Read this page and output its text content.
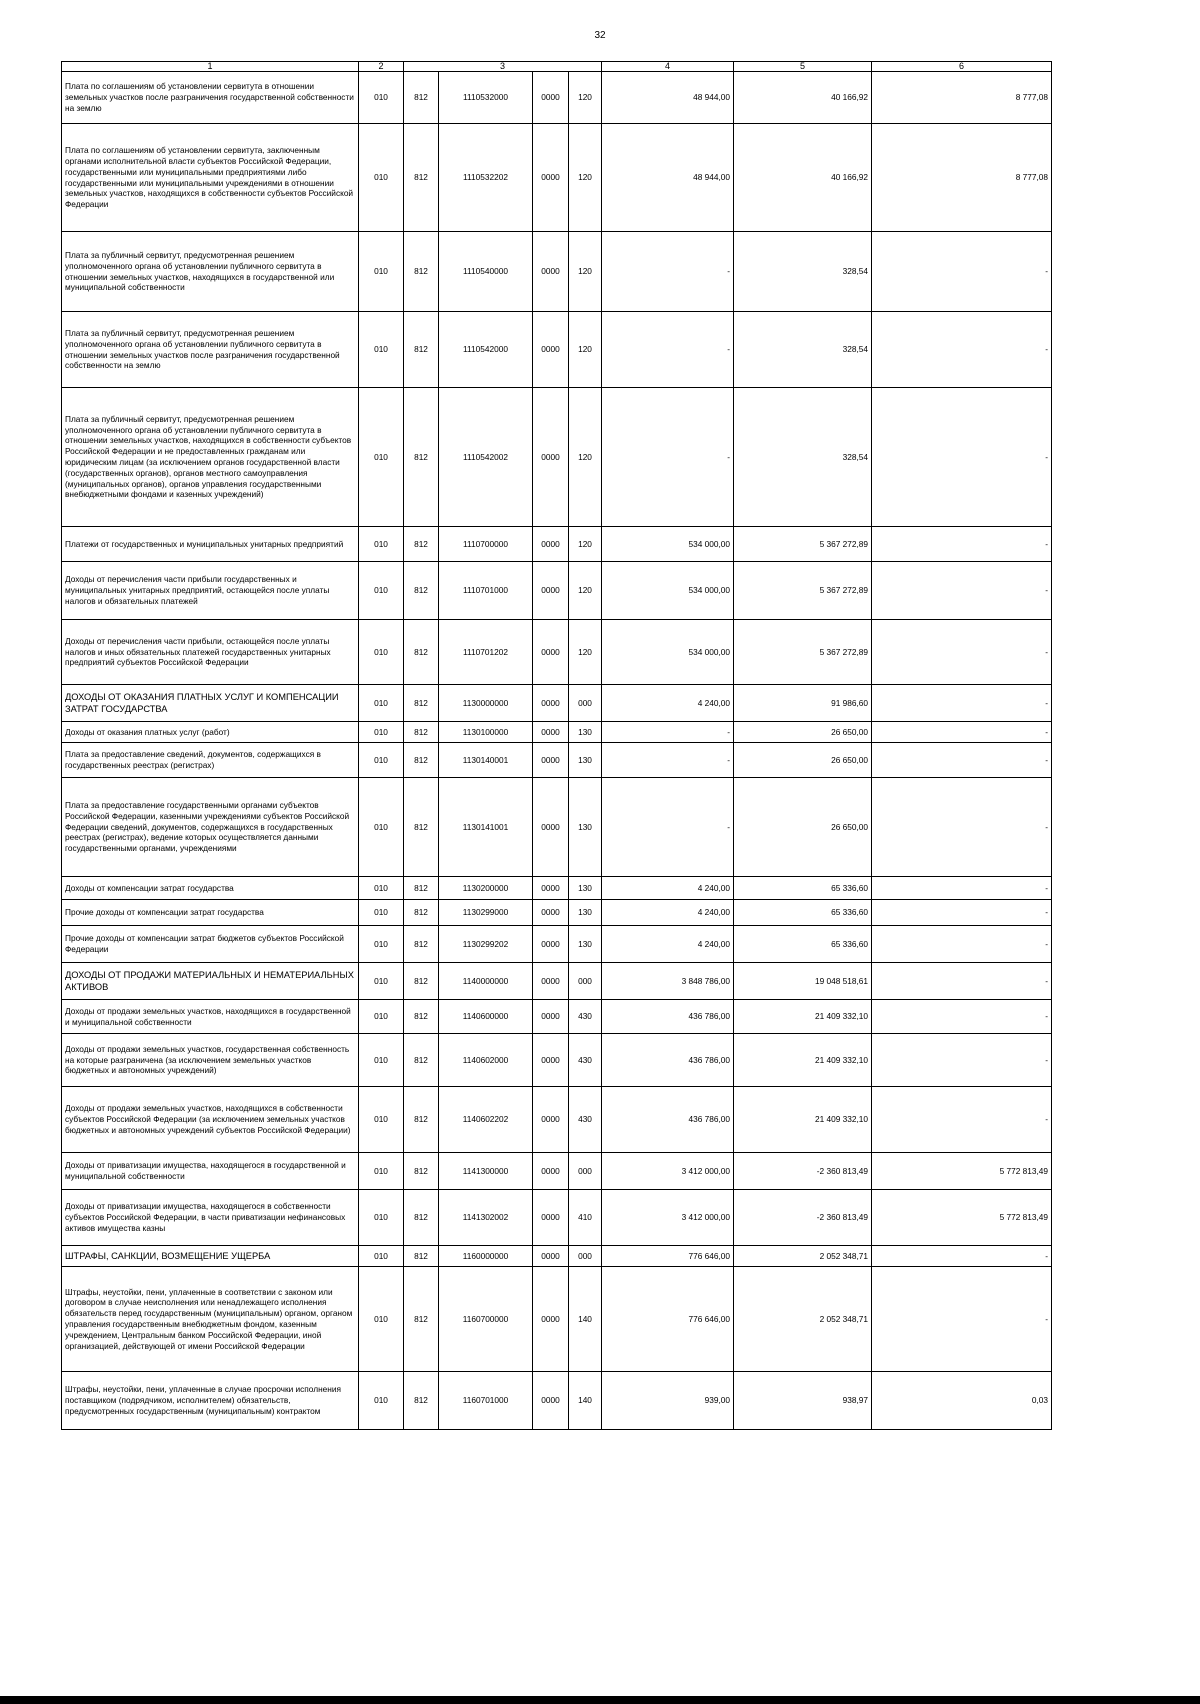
32
1	2	3				4	5	6
Плата по соглашениям об установлении сервитута в отношении земельных участков после разграничения государственной собственности на землю	010	812	1110532000	0000	120	48 944,00	40 166,92	8 777,08
Плата по соглашениям об установлении сервитута, заключенным органами исполнительной власти субъектов Российской Федерации, государственными или муниципальными предприятиями либо государственными или муниципальными учреждениями в отношении земельных участков, находящихся в собственности субъектов Российской Федерации	010	812	1110532202	0000	120	48 944,00	40 166,92	8 777,08
Плата за публичный сервитут, предусмотренная решением уполномоченного органа об установлении публичного сервитута в отношении земельных участков, находящихся в государственной или муниципальной собственности	010	812	1110540000	0000	120	-	328,54	-
Плата за публичный сервитут, предусмотренная решением уполномоченного органа об установлении публичного сервитута в отношении земельных участков после разграничения государственной собственности на землю	010	812	1110542000	0000	120	-	328,54	-
Плата за публичный сервитут, предусмотренная решением уполномоченного органа об установлении публичного сервитута в отношении земельных участков, находящихся в собственности субъектов Российской Федерации и не предоставленных гражданам или юридическим лицам (за исключением органов государственной власти (государственных органов), органов местного самоуправления (муниципальных органов), органов управления государственными внебюджетными фондами и казенных учреждений)	010	812	1110542002	0000	120	-	328,54	-
Платежи от государственных и муниципальных унитарных предприятий	010	812	1110700000	0000	120	534 000,00	5 367 272,89	-
Доходы от перечисления части прибыли государственных и муниципальных унитарных предприятий, остающейся после уплаты налогов и обязательных платежей	010	812	1110701000	0000	120	534 000,00	5 367 272,89	-
Доходы от перечисления части прибыли, остающейся после уплаты налогов и иных обязательных платежей государственных унитарных предприятий субъектов Российской Федерации	010	812	1110701202	0000	120	534 000,00	5 367 272,89	-
ДОХОДЫ ОТ ОКАЗАНИЯ ПЛАТНЫХ УСЛУГ И КОМПЕНСАЦИИ ЗАТРАТ ГОСУДАРСТВА	010	812	1130000000	0000	000	4 240,00	91 986,60	-
Доходы от оказания платных услуг (работ)	010	812	1130100000	0000	130	-	26 650,00	-
Плата за предоставление сведений, документов, содержащихся в государственных реестрах (регистрах)	010	812	1130140001	0000	130	-	26 650,00	-
Плата за предоставление государственными органами субъектов Российской Федерации, казенными учреждениями субъектов Российской Федерации сведений, документов, содержащихся в государственных реестрах (регистрах), ведение которых осуществляется данными государственными органами, учреждениями	010	812	1130141001	0000	130	-	26 650,00	-
Доходы от компенсации затрат государства	010	812	1130200000	0000	130	4 240,00	65 336,60	-
Прочие доходы от компенсации затрат государства	010	812	1130299000	0000	130	4 240,00	65 336,60	-
Прочие доходы от компенсации затрат бюджетов субъектов Российской Федерации	010	812	1130299202	0000	130	4 240,00	65 336,60	-
ДОХОДЫ ОТ ПРОДАЖИ МАТЕРИАЛЬНЫХ И НЕМАТЕРИАЛЬНЫХ АКТИВОВ	010	812	1140000000	0000	000	3 848 786,00	19 048 518,61	-
Доходы от продажи земельных участков, находящихся в государственной и муниципальной собственности	010	812	1140600000	0000	430	436 786,00	21 409 332,10	-
Доходы от продажи земельных участков, государственная собственность на которые разграничена (за исключением земельных участков бюджетных и автономных учреждений)	010	812	1140602000	0000	430	436 786,00	21 409 332,10	-
Доходы от продажи земельных участков, находящихся в собственности субъектов Российской Федерации (за исключением земельных участков бюджетных и автономных учреждений субъектов Российской Федерации)	010	812	1140602202	0000	430	436 786,00	21 409 332,10	-
Доходы от приватизации имущества, находящегося в государственной и муниципальной собственности	010	812	1141300000	0000	000	3 412 000,00	-2 360 813,49	5 772 813,49
Доходы от приватизации имущества, находящегося в собственности субъектов Российской Федерации, в части приватизации нефинансовых активов имущества казны	010	812	1141302002	0000	410	3 412 000,00	-2 360 813,49	5 772 813,49
ШТРАФЫ, САНКЦИИ, ВОЗМЕЩЕНИЕ УЩЕРБА	010	812	1160000000	0000	000	776 646,00	2 052 348,71	-
Штрафы, неустойки, пени, уплаченные в соответствии с законом или договором в случае неисполнения или ненадлежащего исполнения обязательств перед государственным (муниципальным) органом, органом управления государственным внебюджетным фондом, казенным учреждением, Центральным банком Российской Федерации, иной организацией, действующей от имени Российской Федерации	010	812	1160700000	0000	140	776 646,00	2 052 348,71	-
Штрафы, неустойки, пени, уплаченные в случае просрочки исполнения поставщиком (подрядчиком, исполнителем) обязательств, предусмотренных государственным (муниципальным) контрактом	010	812	1160701000	0000	140	939,00	938,97	0,03
